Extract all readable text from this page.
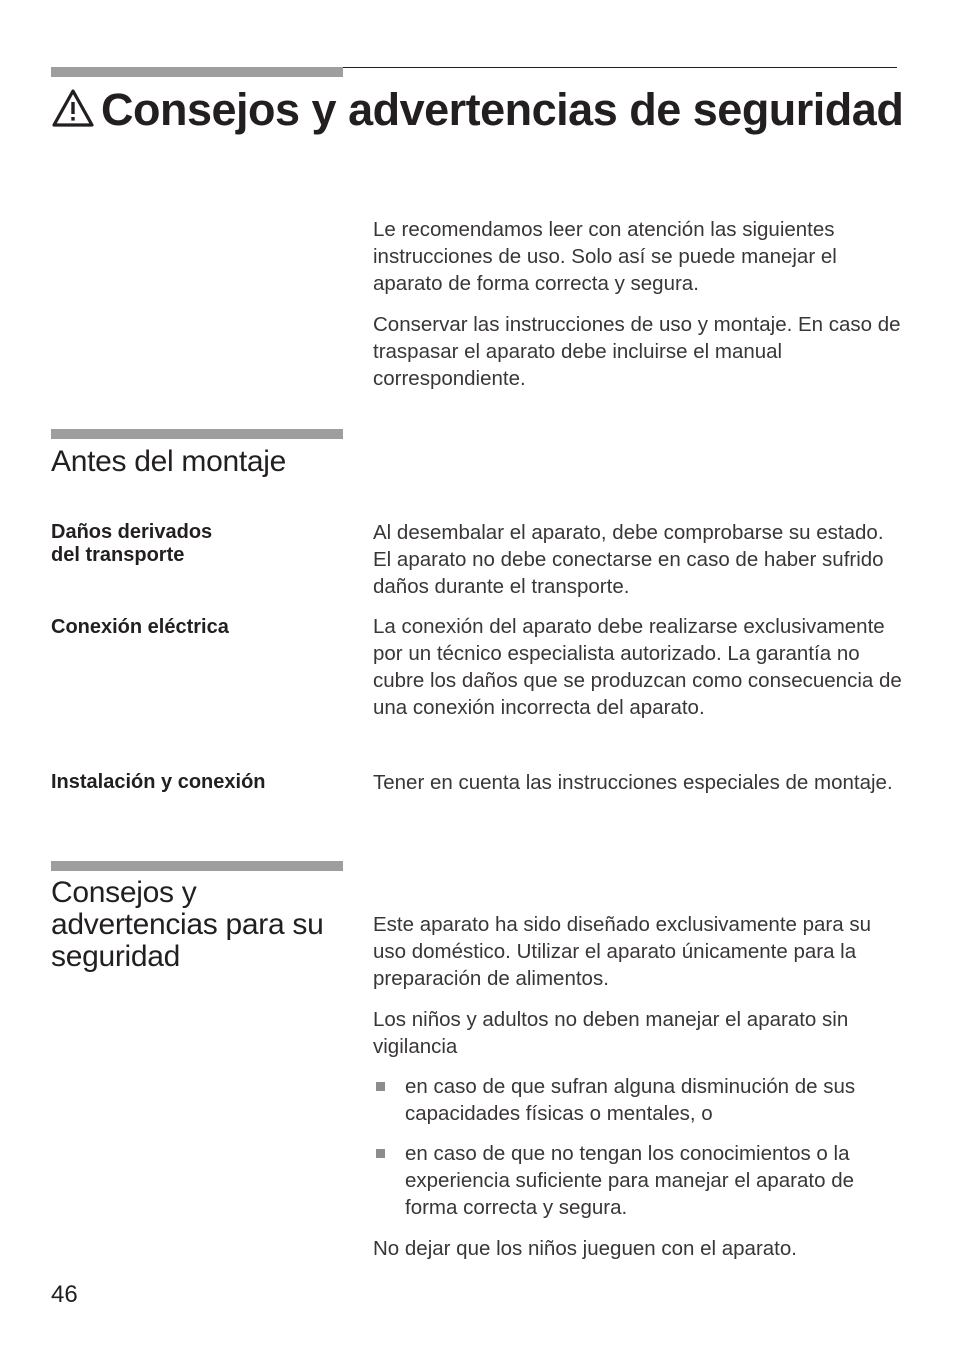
Consejos y advertencias de seguridad

Le recomendamos leer con atención las siguientes instrucciones de uso. Solo así se puede manejar el aparato de forma correcta y segura.

Conservar las instrucciones de uso y montaje. En caso de traspasar el aparato debe incluirse el manual correspondiente.

Antes del montaje

Daños derivados
del transporte

Al desembalar el aparato, debe comprobarse su estado. El aparato no debe conectarse en caso de haber sufrido daños durante el transporte.

Conexión eléctrica	La conexión del aparato debe realizarse exclusivamente por un técnico especialista autorizado. La garantía no cubre los daños que se produzcan como consecuencia de una conexión incorrecta del aparato.

Instalación y conexión	Tener en cuenta las instrucciones especiales de montaje.

Consejos y advertencias para su seguridad

Este aparato ha sido diseñado exclusivamente para su uso doméstico. Utilizar el aparato únicamente para la preparación de alimentos.

Los niños y adultos no deben manejar el aparato sin vigilancia

en caso de que sufran alguna disminución de sus capacidades físicas o mentales, o
en caso de que no tengan los conocimientos o la experiencia suficiente para manejar el aparato de forma correcta y segura.

No dejar que los niños jueguen con el aparato.

46
